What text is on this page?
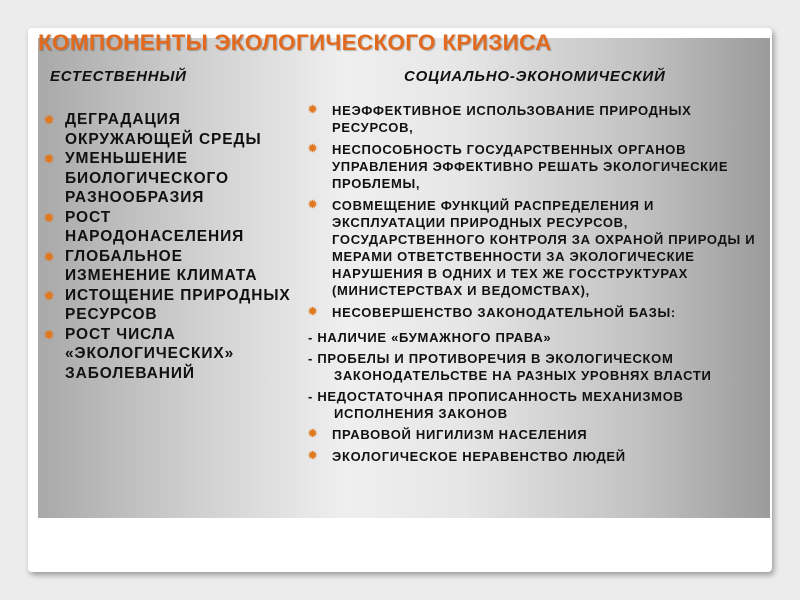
КОМПОНЕНТЫ ЭКОЛОГИЧЕСКОГО КРИЗИСА
ЕСТЕСТВЕННЫЙ	СОЦИАЛЬНО-ЭКОНОМИЧЕСКИЙ
✹ ДЕГРАДАЦИЯ ОКРУЖАЮЩЕЙ СРЕДЫ
✹ УМЕНЬШЕНИЕ БИОЛОГИЧЕСКОГО РАЗНООБРАЗИЯ
✹ РОСТ НАРОДОНАСЕЛЕНИЯ
✹ ГЛОБАЛЬНОЕ ИЗМЕНЕНИЕ КЛИМАТА
✹ ИСТОЩЕНИЕ ПРИРОДНЫХ РЕСУРСОВ
✹ РОСТ ЧИСЛА «ЭКОЛОГИЧЕСКИХ» ЗАБОЛЕВАНИЙ
✹ НЕЭФФЕКТИВНОЕ ИСПОЛЬЗОВАНИЕ ПРИРОДНЫХ РЕСУРСОВ,
✹ НЕСПОСОБНОСТЬ ГОСУДАРСТВЕННЫХ ОРГАНОВ УПРАВЛЕНИЯ ЭФФЕКТИВНО РЕШАТЬ ЭКОЛОГИЧЕСКИЕ ПРОБЛЕМЫ,
✹ СОВМЕЩЕНИЕ ФУНКЦИЙ РАСПРЕДЕЛЕНИЯ И ЭКСПЛУАТАЦИИ ПРИРОДНЫХ РЕСУРСОВ, ГОСУДАРСТВЕННОГО КОНТРОЛЯ ЗА ОХРАНОЙ ПРИРОДЫ И МЕРАМИ ОТВЕТСТВЕННОСТИ ЗА ЭКОЛОГИЧЕСКИЕ НАРУШЕНИЯ В ОДНИХ И ТЕХ ЖЕ ГОССТРУКТУРАХ (МИНИСТЕРСТВАХ И ВЕДОМСТВАХ),
✹ НЕСОВЕРШЕНСТВО ЗАКОНОДАТЕЛЬНОЙ БАЗЫ:
- НАЛИЧИЕ «БУМАЖНОГО ПРАВА»
- ПРОБЕЛЫ И ПРОТИВОРЕЧИЯ В ЭКОЛОГИЧЕСКОМ ЗАКОНОДАТЕЛЬСТВЕ НА РАЗНЫХ УРОВНЯХ ВЛАСТИ
- НЕДОСТАТОЧНАЯ ПРОПИСАННОСТЬ МЕХАНИЗМОВ ИСПОЛНЕНИЯ ЗАКОНОВ
✹ ПРАВОВОЙ НИГИЛИЗМ НАСЕЛЕНИЯ
✹ ЭКОЛОГИЧЕСКОЕ НЕРАВЕНСТВО ЛЮДЕЙ
